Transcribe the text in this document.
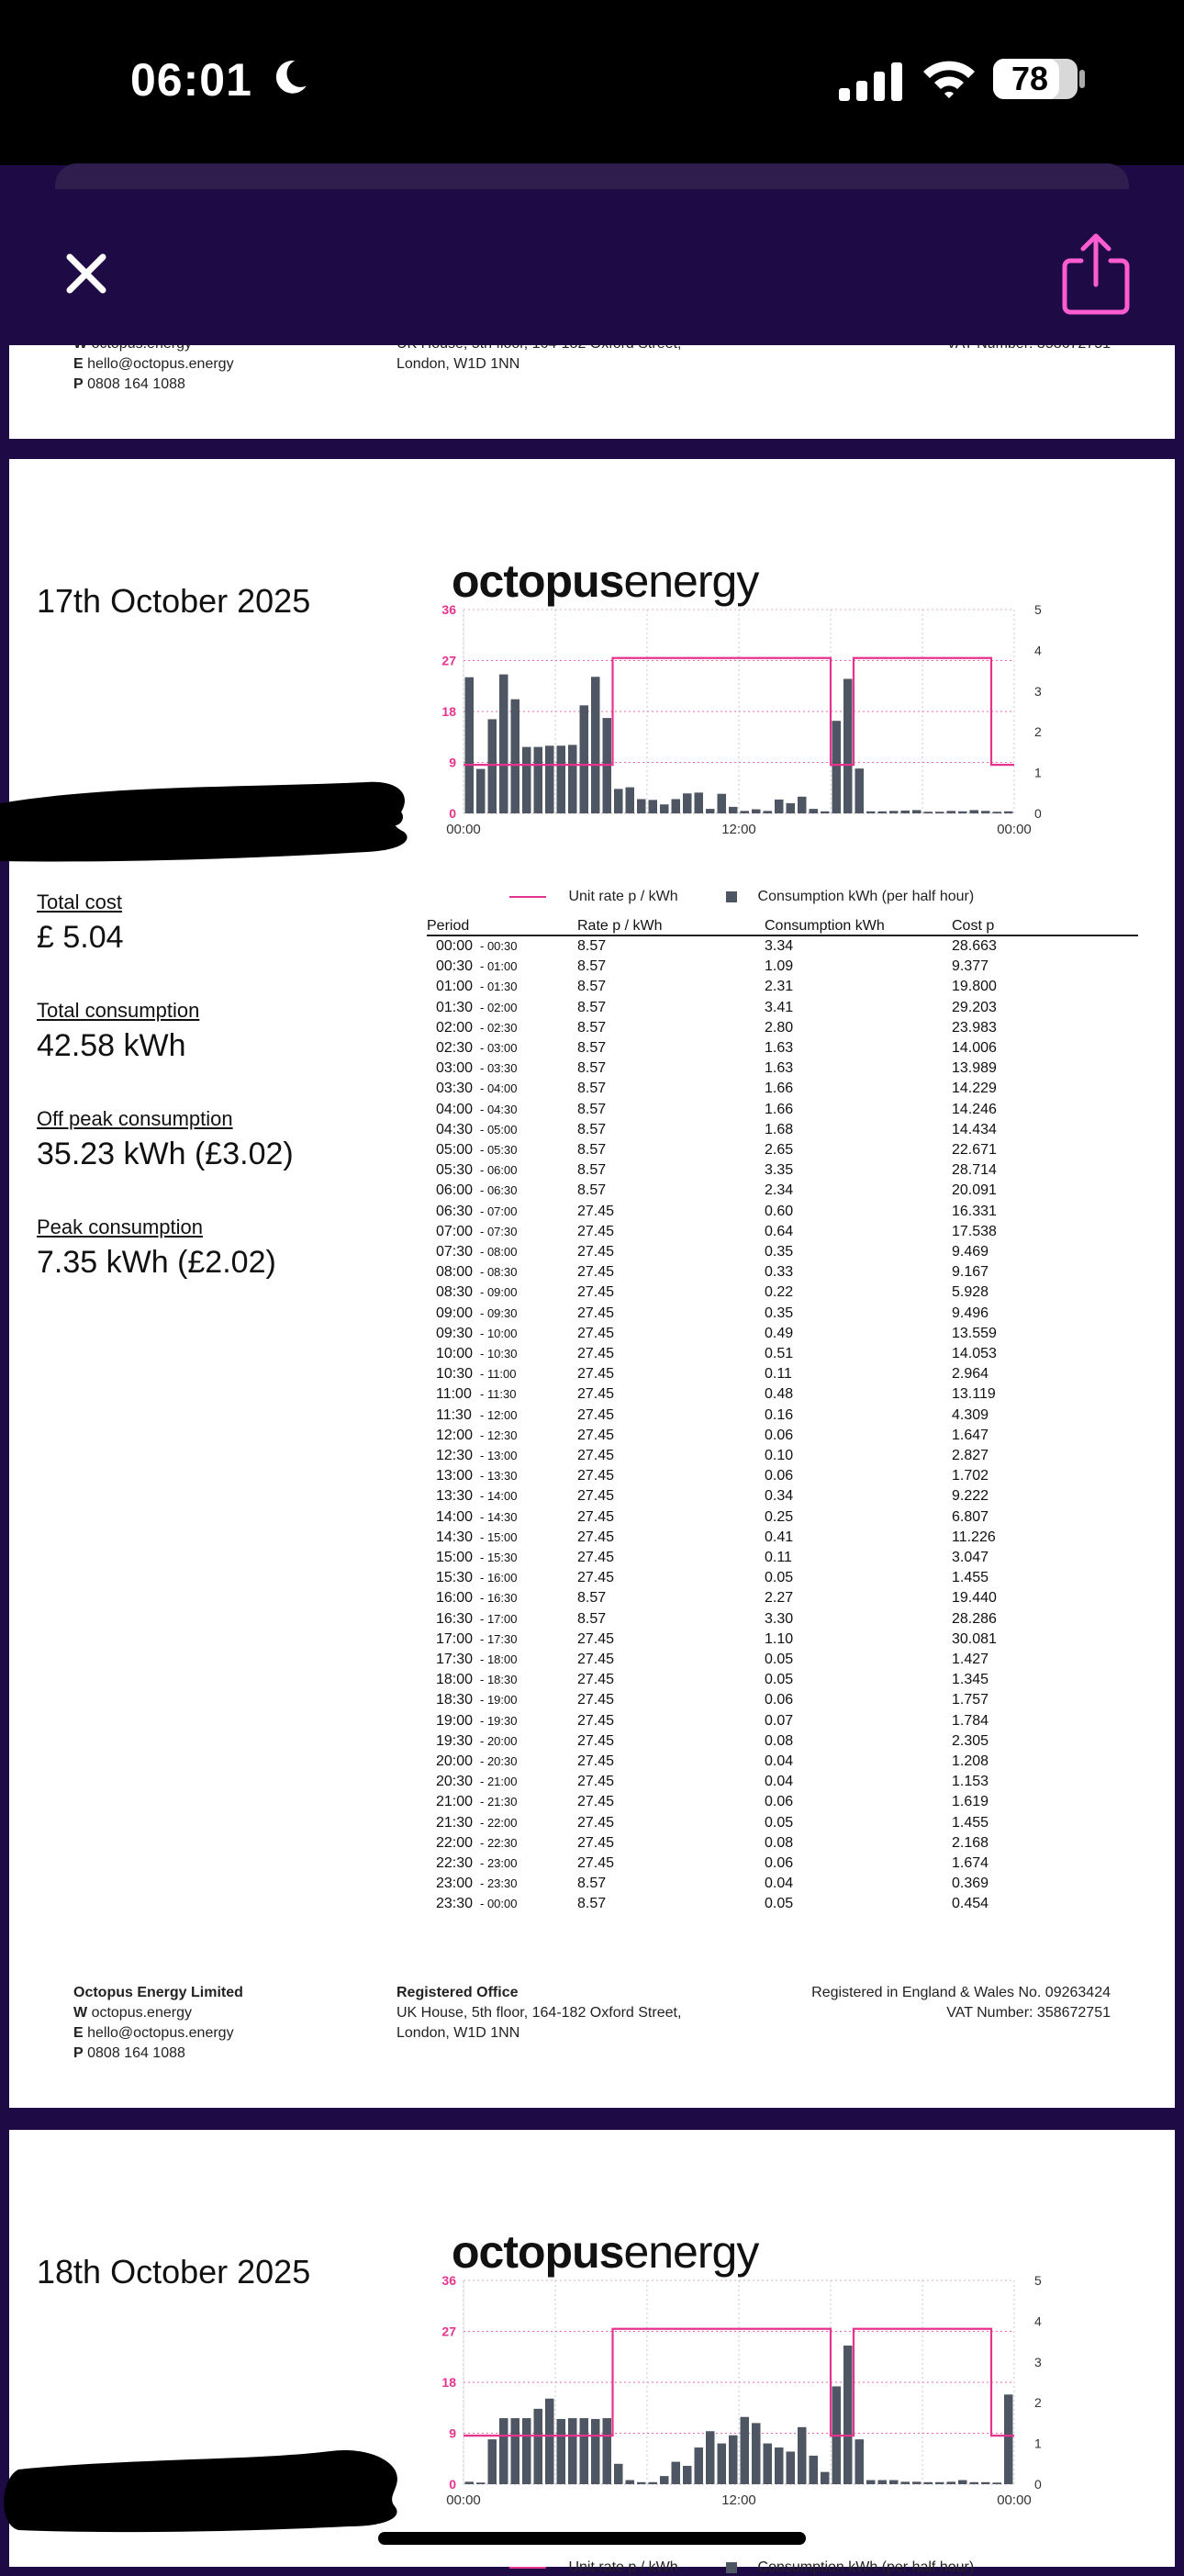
06:01	78
E hello@octopus.energy
P 0808 164 1088
London, W1D 1NN
17th October 2025	octopusenergy
0
9
18
27
36
0
1
2
3
4
5
00:00	12:00	00:00
Unit rate p / kWh	Consumption kWh (per half hour)
Period	Rate p / kWh	Consumption kWh	Cost p
00:00 - 00:30	8.57	3.34	28.663
00:30 - 01:00	8.57	1.09	9.377
01:00 - 01:30	8.57	2.31	19.800
01:30 - 02:00	8.57	3.41	29.203
02:00 - 02:30	8.57	2.80	23.983
02:30 - 03:00	8.57	1.63	14.006
03:00 - 03:30	8.57	1.63	13.989
03:30 - 04:00	8.57	1.66	14.229
04:00 - 04:30	8.57	1.66	14.246
04:30 - 05:00	8.57	1.68	14.434
05:00 - 05:30	8.57	2.65	22.671
05:30 - 06:00	8.57	3.35	28.714
06:00 - 06:30	8.57	2.34	20.091
06:30 - 07:00	27.45	0.60	16.331
07:00 - 07:30	27.45	0.64	17.538
07:30 - 08:00	27.45	0.35	9.469
08:00 - 08:30	27.45	0.33	9.167
08:30 - 09:00	27.45	0.22	5.928
09:00 - 09:30	27.45	0.35	9.496
09:30 - 10:00	27.45	0.49	13.559
10:00 - 10:30	27.45	0.51	14.053
10:30 - 11:00	27.45	0.11	2.964
11:00 - 11:30	27.45	0.48	13.119
11:30 - 12:00	27.45	0.16	4.309
12:00 - 12:30	27.45	0.06	1.647
12:30 - 13:00	27.45	0.10	2.827
13:00 - 13:30	27.45	0.06	1.702
13:30 - 14:00	27.45	0.34	9.222
14:00 - 14:30	27.45	0.25	6.807
14:30 - 15:00	27.45	0.41	11.226
15:00 - 15:30	27.45	0.11	3.047
15:30 - 16:00	27.45	0.05	1.455
16:00 - 16:30	8.57	2.27	19.440
16:30 - 17:00	8.57	3.30	28.286
17:00 - 17:30	27.45	1.10	30.081
17:30 - 18:00	27.45	0.05	1.427
18:00 - 18:30	27.45	0.05	1.345
18:30 - 19:00	27.45	0.06	1.757
19:00 - 19:30	27.45	0.07	1.784
19:30 - 20:00	27.45	0.08	2.305
20:00 - 20:30	27.45	0.04	1.208
20:30 - 21:00	27.45	0.04	1.153
21:00 - 21:30	27.45	0.06	1.619
21:30 - 22:00	27.45	0.05	1.455
22:00 - 22:30	27.45	0.08	2.168
22:30 - 23:00	27.45	0.06	1.674
23:00 - 23:30	8.57	0.04	0.369
23:30 - 00:00	8.57	0.05	0.454
Total cost
£ 5.04
Total consumption
42.58 kWh
Off peak consumption
35.23 kWh (£3.02)
Peak consumption
7.35 kWh (£2.02)
Octopus Energy Limited
W octopus.energy
E hello@octopus.energy
P 0808 164 1088
Registered Office
UK House, 5th floor, 164-182 Oxford Street,
London, W1D 1NN
Registered in England & Wales No. 09263424
VAT Number: 358672751
18th October 2025	octopusenergy
0
9
18
27
36
0
1
2
3
4
5
00:00	12:00	00:00
Unit rate p / kWh	Consumption kWh (per half hour)
